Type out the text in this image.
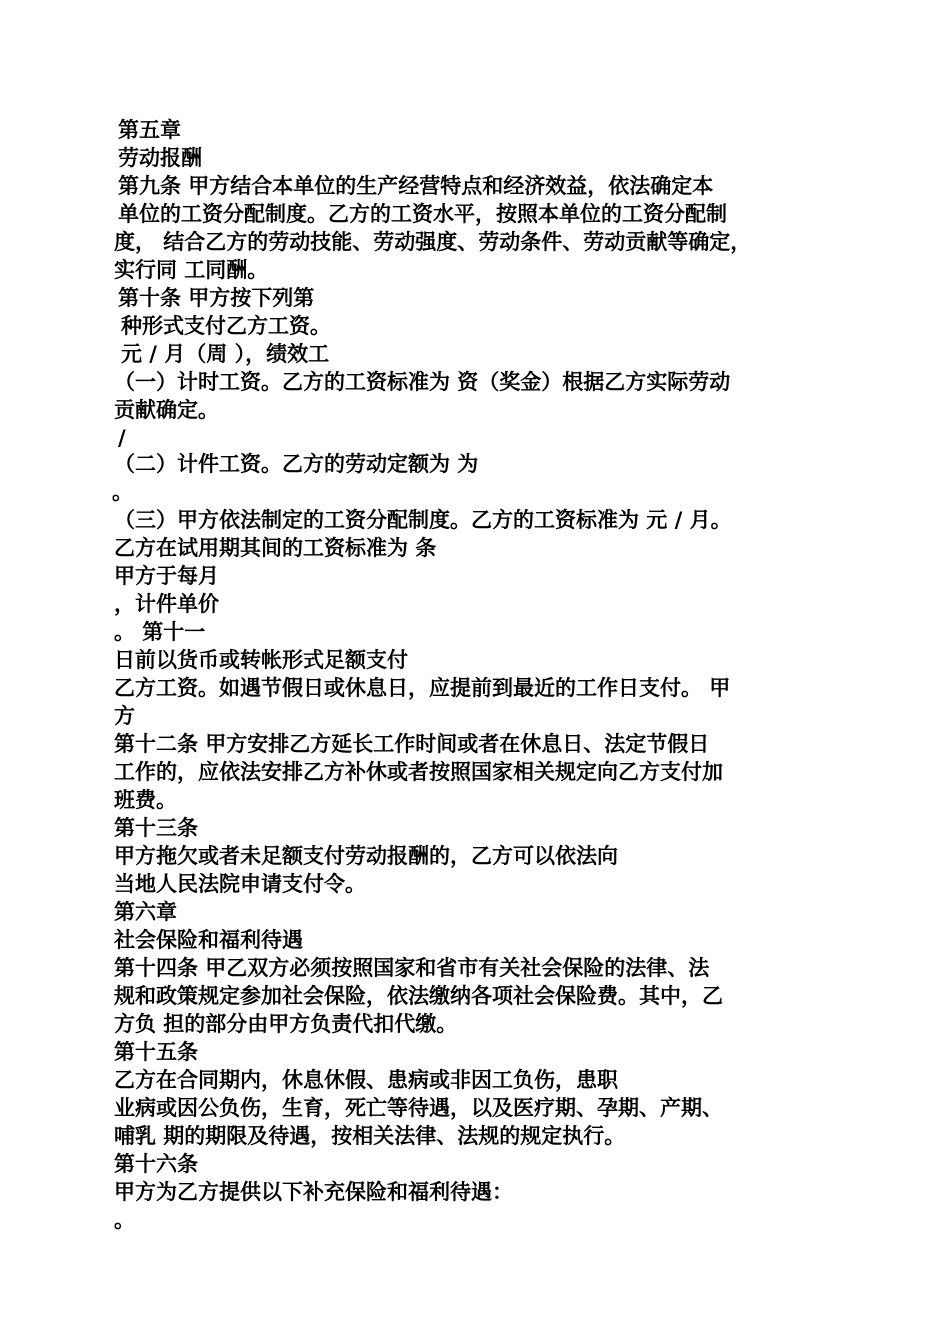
第五章
劳动报酬
第九条 甲方结合本单位的生产经营特点和经济效益，依法确定本
单位的工资分配制度。乙方的工资水平，按照本单位的工资分配制
度， 结合乙方的劳动技能、劳动强度、劳动条件、劳动贡献等确定，
实行同 工同酬。
第十条 甲方按下列第
种形式支付乙方工资。
元 / 月（周 ），绩效工
（一）计时工资。乙方的工资标准为 资（奖金）根据乙方实际劳动
贡献确定。
/
（二）计件工资。乙方的劳动定额为 为
。
（三）甲方依法制定的工资分配制度。乙方的工资标准为 元 / 月。
乙方在试用期其间的工资标准为 条
甲方于每月
，计件单价
。 第十一
日前以货币或转帐形式足额支付
乙方工资。如遇节假日或休息日，应提前到最近的工作日支付。 甲
方
第十二条 甲方安排乙方延长工作时间或者在休息日、法定节假日
工作的，应依法安排乙方补休或者按照国家相关规定向乙方支付加
班费。
第十三条
甲方拖欠或者未足额支付劳动报酬的，乙方可以依法向
当地人民法院申请支付令。
第六章
社会保险和福利待遇
第十四条 甲乙双方必须按照国家和省市有关社会保险的法律、法
规和政策规定参加社会保险，依法缴纳各项社会保险费。其中，乙
方负 担的部分由甲方负责代扣代缴。
第十五条
乙方在合同期内，休息休假、患病或非因工负伤，患职
业病或因公负伤，生育，死亡等待遇，以及医疗期、孕期、产期、
哺乳 期的期限及待遇，按相关法律、法规的规定执行。
第十六条
甲方为乙方提供以下补充保险和福利待遇：
。
